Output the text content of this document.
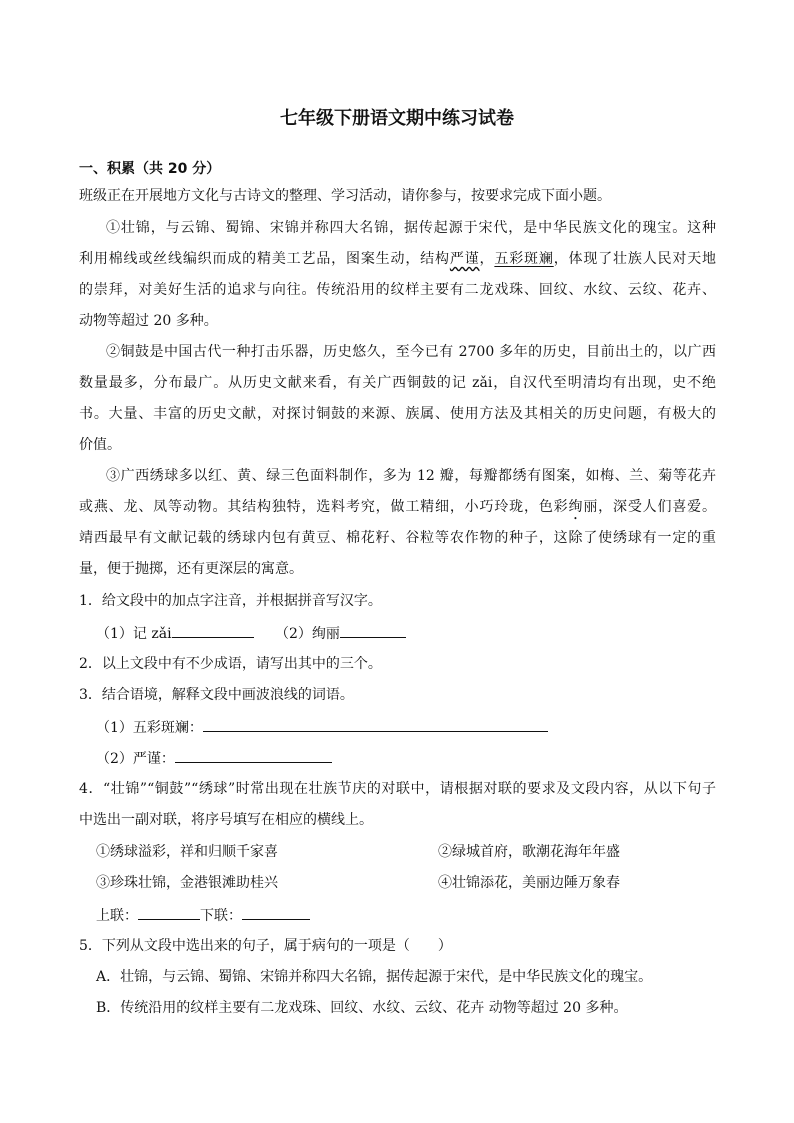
七年级下册语文期中练习试卷
一、积累（共 20 分）
班级正在开展地方文化与古诗文的整理、学习活动，请你参与，按要求完成下面小题。
①壮锦，与云锦、蜀锦、宋锦并称四大名锦，据传起源于宋代，是中华民族文化的瑰宝。这种
利用棉线或丝线编织而成的精美工艺品，图案生动，结构严谨，五彩斑斓，体现了壮族人民对天地
的崇拜，对美好生活的追求与向往。传统沿用的纹样主要有二龙戏珠、回纹、水纹、云纹、花卉、
动物等超过 20 多种。
②铜鼓是中国古代一种打击乐器，历史悠久，至今已有 2700 多年的历史，目前出土的，以广西
数量最多，分布最广。从历史文献来看，有关广西铜鼓的记 zǎi，自汉代至明清均有出现，史不绝
书。大量、丰富的历史文献，对探讨铜鼓的来源、族属、使用方法及其相关的历史问题，有极大的
价值。
③广西绣球多以红、黄、绿三色面料制作，多为 12 瓣，每瓣都绣有图案，如梅、兰、菊等花卉
或燕、龙、凤等动物。其结构独特，选料考究，做工精细，小巧玲珑，色彩绚丽，深受人们喜爱。
靖西最早有文献记载的绣球内包有黄豆、棉花籽、谷粒等农作物的种子，这除了使绣球有一定的重
量，便于抛掷，还有更深层的寓意。
1．给文段中的加点字注音，并根据拼音写汉字。
（1）记 zǎi	（2）绚丽
2．以上文段中有不少成语，请写出其中的三个。
3．结合语境，解释文段中画波浪线的词语。
（1）五彩斑斓：
（2）严谨：
4．“壮锦”“铜鼓”“绣球”时常出现在壮族节庆的对联中，请根据对联的要求及文段内容，从以下句子
中选出一副对联，将序号填写在相应的横线上。
①绣球溢彩，祥和归顺千家喜	②绿城首府，歌潮花海年年盛
③珍珠壮锦，金港银滩助桂兴	④壮锦添花，美丽边陲万象春
上联：	下联：
5．下列从文段中选出来的句子，属于病句的一项是（　　）
A．壮锦，与云锦、蜀锦、宋锦并称四大名锦，据传起源于宋代，是中华民族文化的瑰宝。
B．传统沿用的纹样主要有二龙戏珠、回纹、水纹、云纹、花卉 动物等超过 20 多种。
